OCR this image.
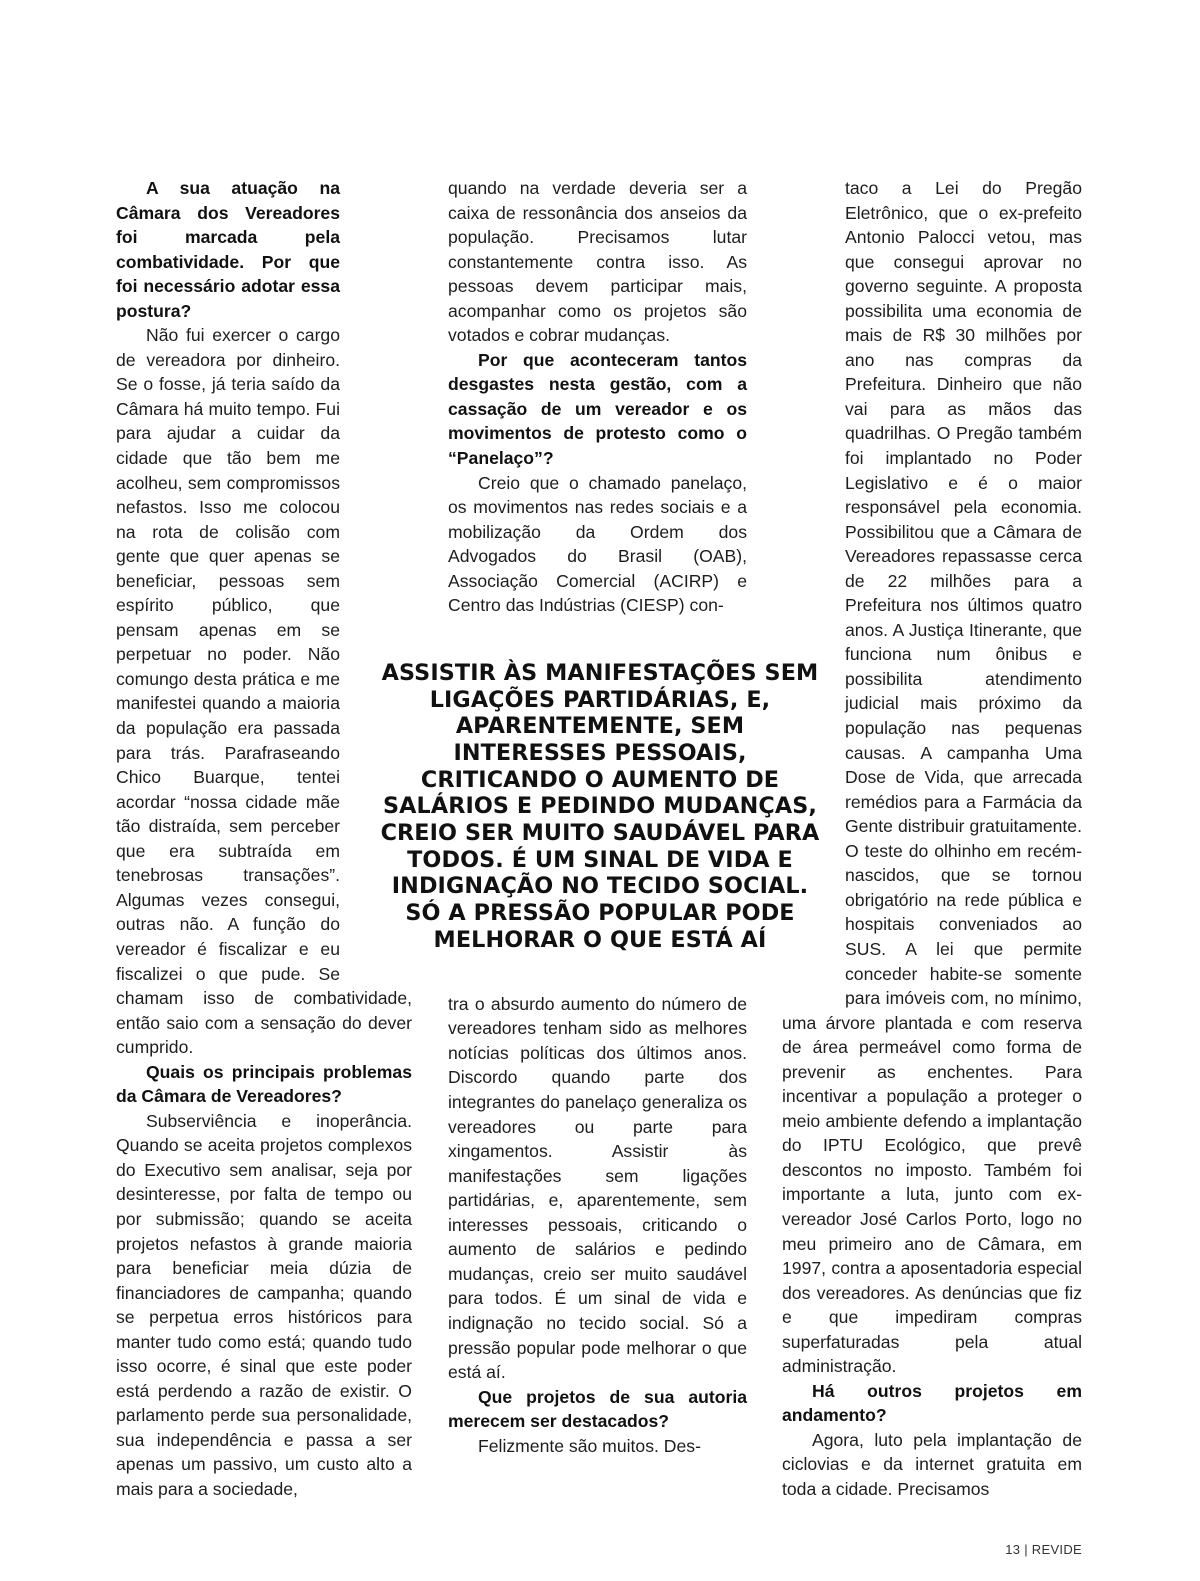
A sua atuação na Câmara dos Vereadores foi marcada pela combatividade. Por que foi necessário adotar essa postura?

Não fui exercer o cargo de vereadora por dinheiro. Se o fosse, já teria saído da Câmara há muito tempo. Fui para ajudar a cuidar da cidade que tão bem me acolheu, sem compromissos nefastos. Isso me colocou na rota de colisão com gente que quer apenas se beneficiar, pessoas sem espírito público, que pensam apenas em se perpetuar no poder. Não comungo desta prática e me manifestei quando a maioria da população era passada para trás. Parafraseando Chico Buarque, tentei acordar “nossa cidade mãe tão distraída, sem perceber que era subtraída em tenebrosas transações”. Algumas vezes consegui, outras não. A função do vereador é fiscalizar e eu fiscalizei o que pude. Se chamam isso de combatividade, então saio com a sensação do dever cumprido.

Quais os principais problemas da Câmara de Vereadores?

Subserviência e inoperância. Quando se aceita projetos complexos do Executivo sem analisar, seja por desinteresse, por falta de tempo ou por submissão; quando se aceita projetos nefastos à grande maioria para beneficiar meia dúzia de financiadores de campanha; quando se perpetua erros históricos para manter tudo como está; quando tudo isso ocorre, é sinal que este poder está perdendo a razão de existir. O parlamento perde sua personalidade, sua independência e passa a ser apenas um passivo, um custo alto a mais para a sociedade,

quando na verdade deveria ser a caixa de ressonância dos anseios da população. Precisamos lutar constantemente contra isso. As pessoas devem participar mais, acompanhar como os projetos são votados e cobrar mudanças.

Por que aconteceram tantos desgastes nesta gestão, com a cassação de um vereador e os movimentos de protesto como o “Panelaço”?

Creio que o chamado panelaço, os movimentos nas redes sociais e a mobilização da Ordem dos Advogados do Brasil (OAB), Associação Comercial (ACIRP) e Centro das Indústrias (CIESP) con-

tra o absurdo aumento do número de vereadores tenham sido as melhores notícias políticas dos últimos anos. Discordo quando parte dos integrantes do panelaço generaliza os vereadores ou parte para xingamentos. Assistir às manifestações sem ligações partidárias, e, aparentemente, sem interesses pessoais, criticando o aumento de salários e pedindo mudanças, creio ser muito saudável para todos. É um sinal de vida e indignação no tecido social. Só a pressão popular pode melhorar o que está aí.

Que projetos de sua autoria merecem ser destacados?

Felizmente são muitos. Des-

taco a Lei do Pregão Eletrônico, que o ex-prefeito Antonio Palocci vetou, mas que consegui aprovar no governo seguinte. A proposta possibilita uma economia de mais de R$ 30 milhões por ano nas compras da Prefeitura. Dinheiro que não vai para as mãos das quadrilhas. O Pregão também foi implantado no Poder Legislativo e é o maior responsável pela economia. Possibilitou que a Câmara de Vereadores repassasse cerca de 22 milhões para a Prefeitura nos últimos quatro anos. A Justiça Itinerante, que funciona num ônibus e possibilita atendimento judicial mais próximo da população nas pequenas causas. A campanha Uma Dose de Vida, que arrecada remédios para a Farmácia da Gente distribuir gratuitamente. O teste do olhinho em recém-nascidos, que se tornou obrigatório na rede pública e hospitais conveniados ao SUS. A lei que permite conceder habite-se somente para imóveis com, no mínimo, uma árvore plantada e com reserva de área permeável como forma de prevenir as enchentes. Para incentivar a população a proteger o meio ambiente defendo a implantação do IPTU Ecológico, que prevê descontos no imposto. Também foi importante a luta, junto com ex-vereador José Carlos Porto, logo no meu primeiro ano de Câmara, em 1997, contra a aposentadoria especial dos vereadores. As denúncias que fiz e que impediram compras superfaturadas pela atual administração.

Há outros projetos em andamento?

Agora, luto pela implantação de ciclovias e da internet gratuita em toda a cidade. Precisamos

ASSISTIR ÀS MANIFESTAÇÕES SEM LIGAÇÕES PARTIDÁRIAS, E, APARENTEMENTE, SEM INTERESSES PESSOAIS, CRITICANDO O AUMENTO DE SALÁRIOS E PEDINDO MUDANÇAS, CREIO SER MUITO SAUDÁVEL PARA TODOS. É UM SINAL DE VIDA E INDIGNAÇÃO NO TECIDO SOCIAL. SÓ A PRESSÃO POPULAR PODE MELHORAR O QUE ESTÁ AÍ
13 | REVIDE
